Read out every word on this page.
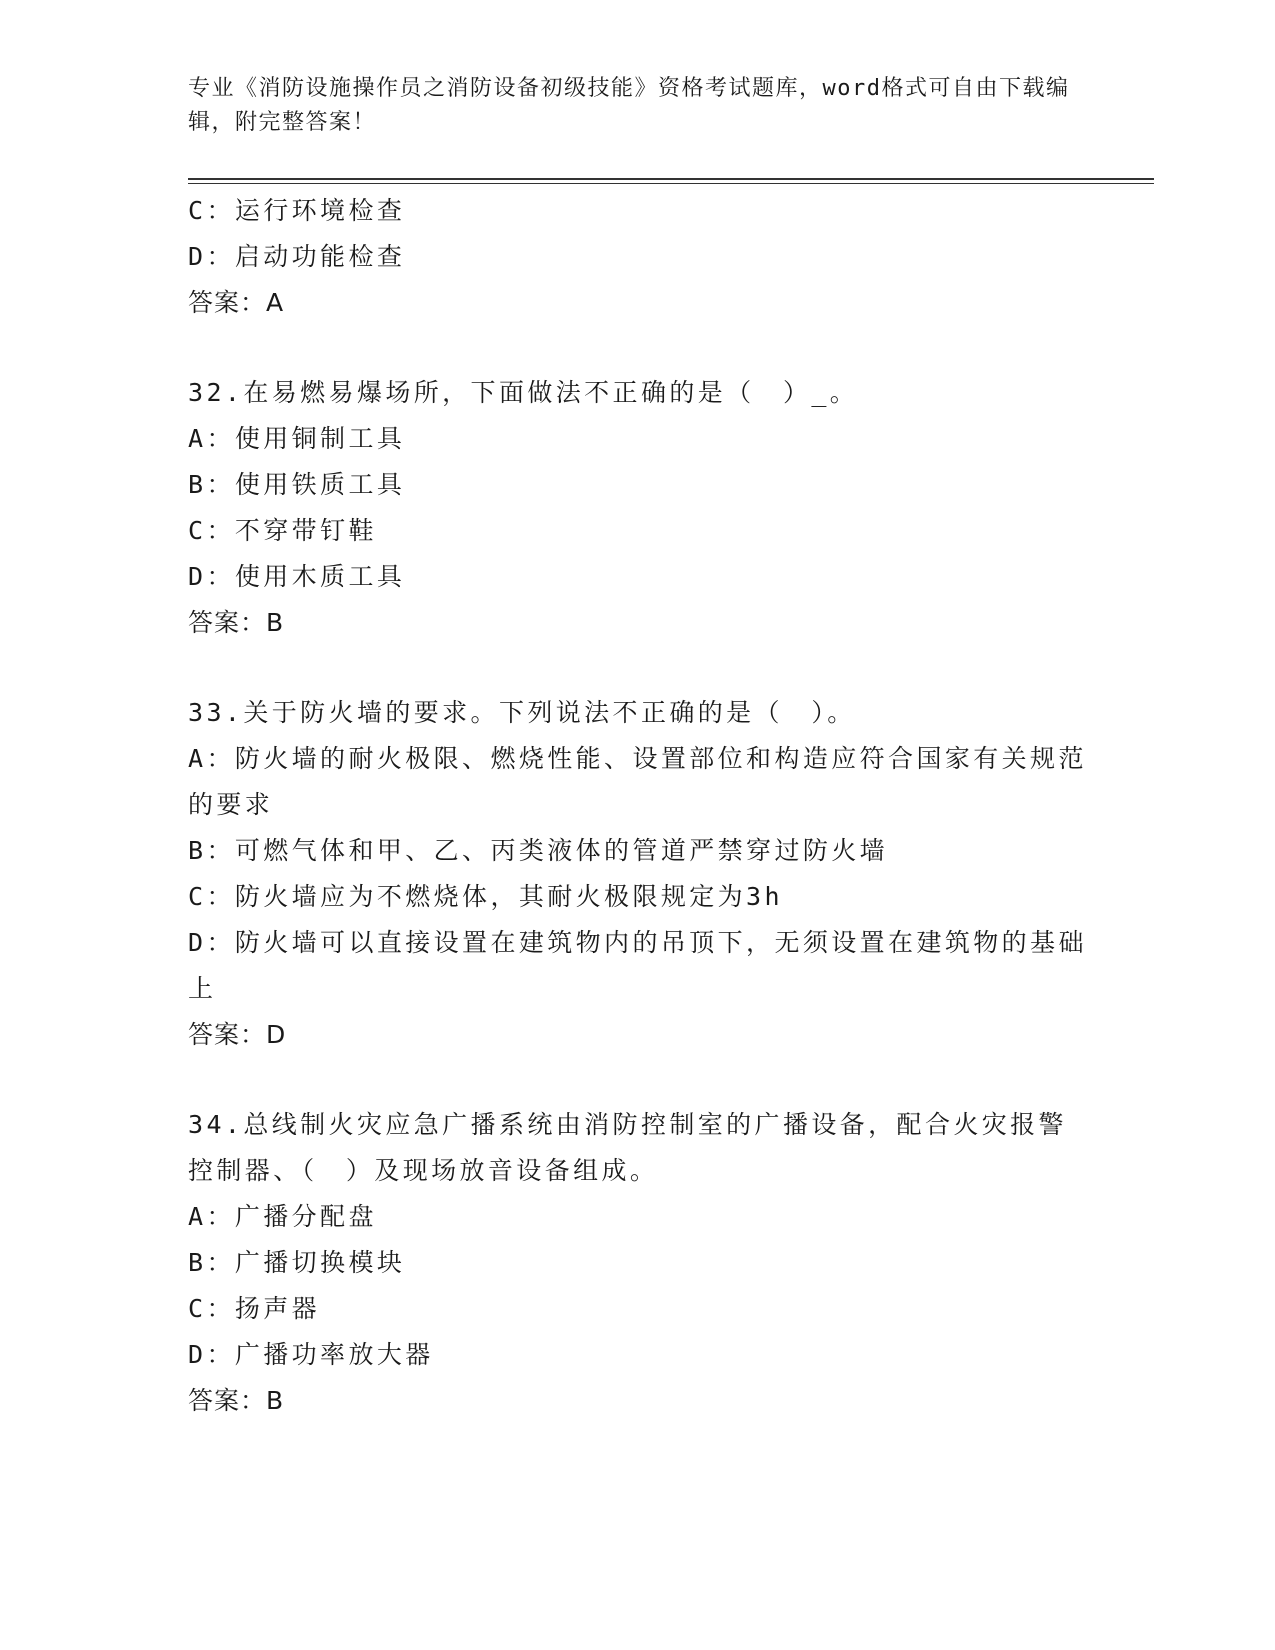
专业《消防设施操作员之消防设备初级技能》资格考试题库，word格式可自由下载编辑，附完整答案！
C：运行环境检查
D：启动功能检查
答案：A
32.在易燃易爆场所，下面做法不正确的是（　）_。
A：使用铜制工具
B：使用铁质工具
C：不穿带钉鞋
D：使用木质工具
答案：B
33.关于防火墙的要求。下列说法不正确的是（　）。
A：防火墙的耐火极限、燃烧性能、设置部位和构造应符合国家有关规范的要求
B：可燃气体和甲、乙、丙类液体的管道严禁穿过防火墙
C：防火墙应为不燃烧体，其耐火极限规定为3h
D：防火墙可以直接设置在建筑物内的吊顶下，无须设置在建筑物的基础上
答案：D
34.总线制火灾应急广播系统由消防控制室的广播设备，配合火灾报警控制器、（　）及现场放音设备组成。
A：广播分配盘
B：广播切换模块
C：扬声器
D：广播功率放大器
答案：B
